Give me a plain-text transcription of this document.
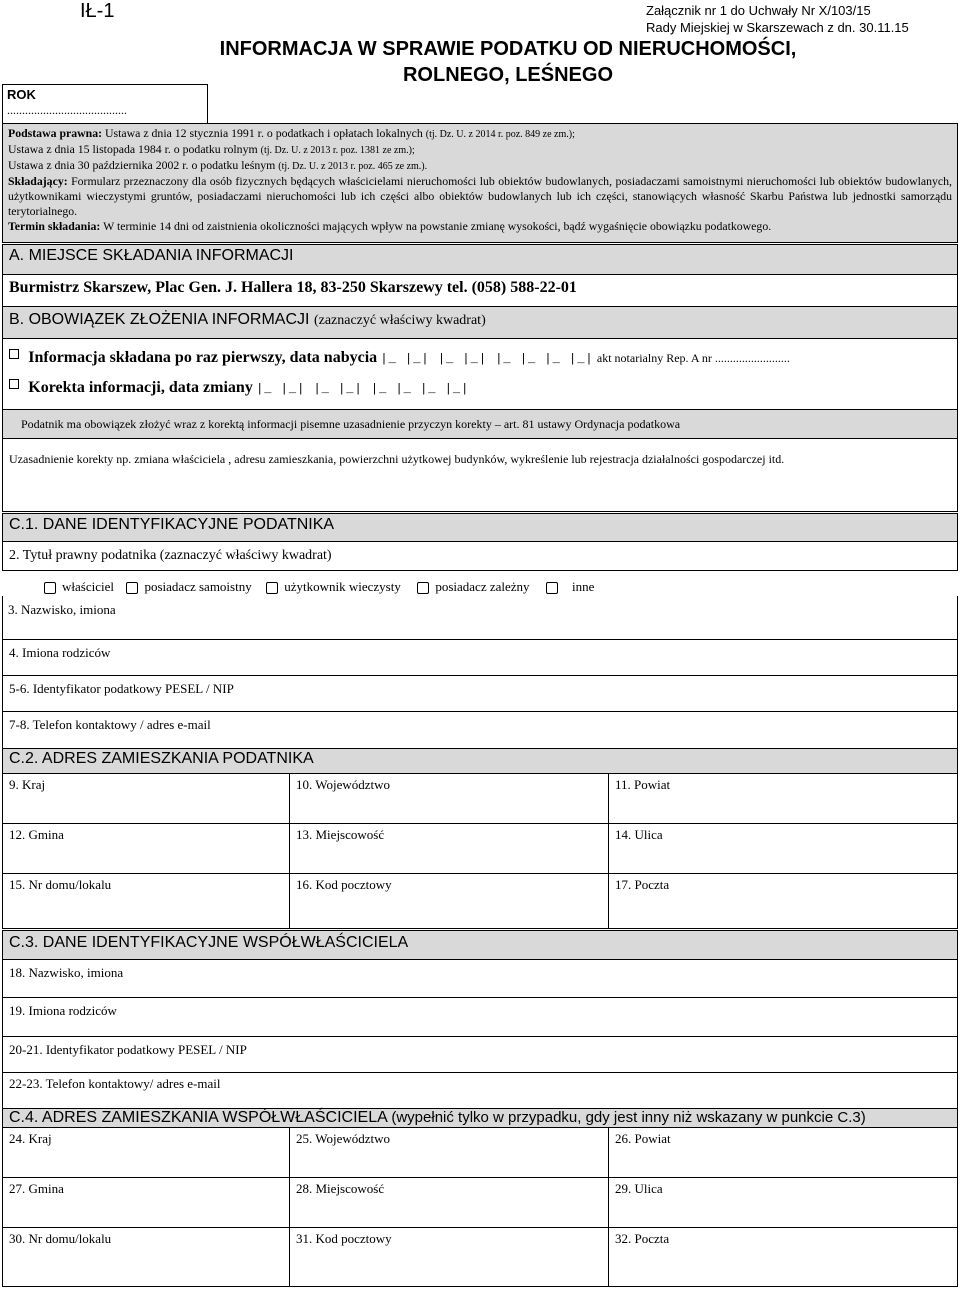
IŁ-1	Załącznik nr 1 do Uchwały Nr X/103/15
Rady Miejskiej w Skarszewach z dn. 30.11.15
INFORMACJA W SPRAWIE PODATKU OD NIERUCHOMOŚCI,
ROLNEGO, LEŚNEGO
ROK
........................................

Podstawa prawna: Ustawa z dnia 12 stycznia 1991 r. o podatkach i opłatach lokalnych (tj. Dz. U. z 2014 r. poz. 849 ze zm.);

Ustawa z dnia 15 listopada 1984 r. o podatku rolnym (tj. Dz. U. z 2013 r. poz. 1381 ze zm.);

Ustawa z dnia 30 października 2002 r. o podatku leśnym (tj. Dz. U. z 2013 r. poz. 465 ze zm.).

Składający: Formularz przeznaczony dla osób fizycznych będących właścicielami nieruchomości lub obiektów budowlanych, posiadaczami samoistnymi nieruchomości lub obiektów budowlanych, użytkownikami wieczystymi gruntów, posiadaczami nieruchomości lub ich części albo obiektów budowlanych lub ich części, stanowiących własność Skarbu Państwa lub jednostki samorządu terytorialnego.

Termin składania: W terminie 14 dni od zaistnienia okoliczności mających wpływ na powstanie zmianę wysokości, bądź wygaśnięcie obowiązku podatkowego.

A. MIEJSCE SKŁADANIA INFORMACJI
Burmistrz Skarszew, Plac Gen. J. Hallera 18, 83-250 Skarszewy tel. (058) 588-22-01
B. OBOWIĄZEK ZŁOŻENIA INFORMACJI (zaznaczyć właściwy kwadrat)
Informacja składana po raz pierwszy, data nabycia |_ |_| |_ |_| |_ |_ |_ |_| akt notarialny Rep. A nr .........................
Korekta informacji, data zmiany |_ |_| |_ |_| |_ |_ |_ |_|
Podatnik ma obowiązek złożyć wraz z korektą informacji pisemne uzasadnienie przyczyn korekty – art. 81 ustawy Ordynacja podatkowa
Uzasadnienie korekty np. zmiana właściciela , adresu zamieszkania, powierzchni użytkowej budynków, wykreślenie lub rejestracja działalności gospodarczej itd.
C.1. DANE IDENTYFIKACYJNE PODATNIKA
2. Tytuł prawny podatnika (zaznaczyć właściwy kwadrat)
właściciel posiadacz samoistny	użytkownik wieczysty	posiadacz zależny	inne
3. Nazwisko, imiona
4. Imiona rodziców
5-6. Identyfikator podatkowy PESEL / NIP
7-8. Telefon kontaktowy / adres e-mail
C.2. ADRES ZAMIESZKANIA PODATNIKA
9. Kraj	10. Województwo	11. Powiat
12. Gmina	13. Miejscowość	14. Ulica
15. Nr domu/lokalu	16. Kod pocztowy	17. Poczta
C.3. DANE IDENTYFIKACYJNE WSPÓŁWŁAŚCICIELA
18. Nazwisko, imiona
19. Imiona rodziców
20-21. Identyfikator podatkowy PESEL / NIP
22-23. Telefon kontaktowy/ adres e-mail
C.4. ADRES ZAMIESZKANIA WSPÓŁWŁAŚCICIELA (wypełnić tylko w przypadku, gdy jest inny niż wskazany w punkcie C.3)
24. Kraj	25. Województwo	26. Powiat
27. Gmina	28. Miejscowość	29. Ulica
30. Nr domu/lokalu	31. Kod pocztowy	32. Poczta
